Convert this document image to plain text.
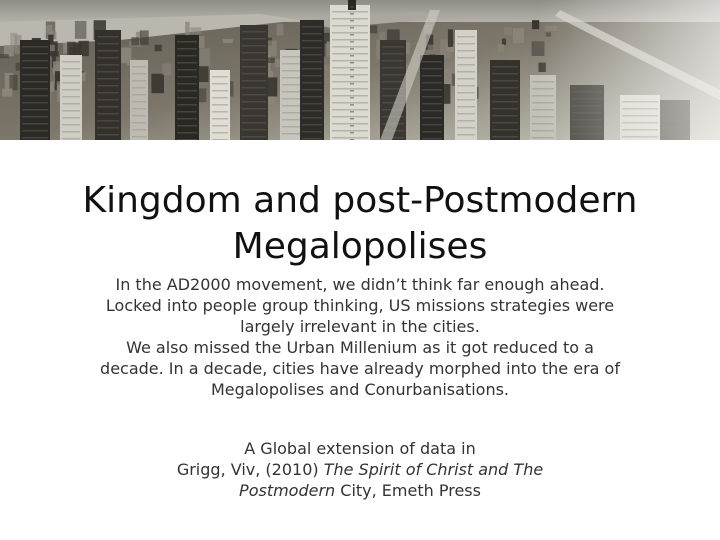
Kingdom and post-Postmodern Megalopolises

In the AD2000 movement, we didn’t think far enough ahead. Locked into people group thinking, US missions strategies were largely irrelevant in the cities.

We also missed the Urban Millenium as it got reduced to a decade. In a decade, cities have already morphed into the era of Megalopolises and Conurbanisations.

A Global extension of data in

Grigg, Viv, (2010) The Spirit of Christ and The

Postmodern City, Emeth Press
